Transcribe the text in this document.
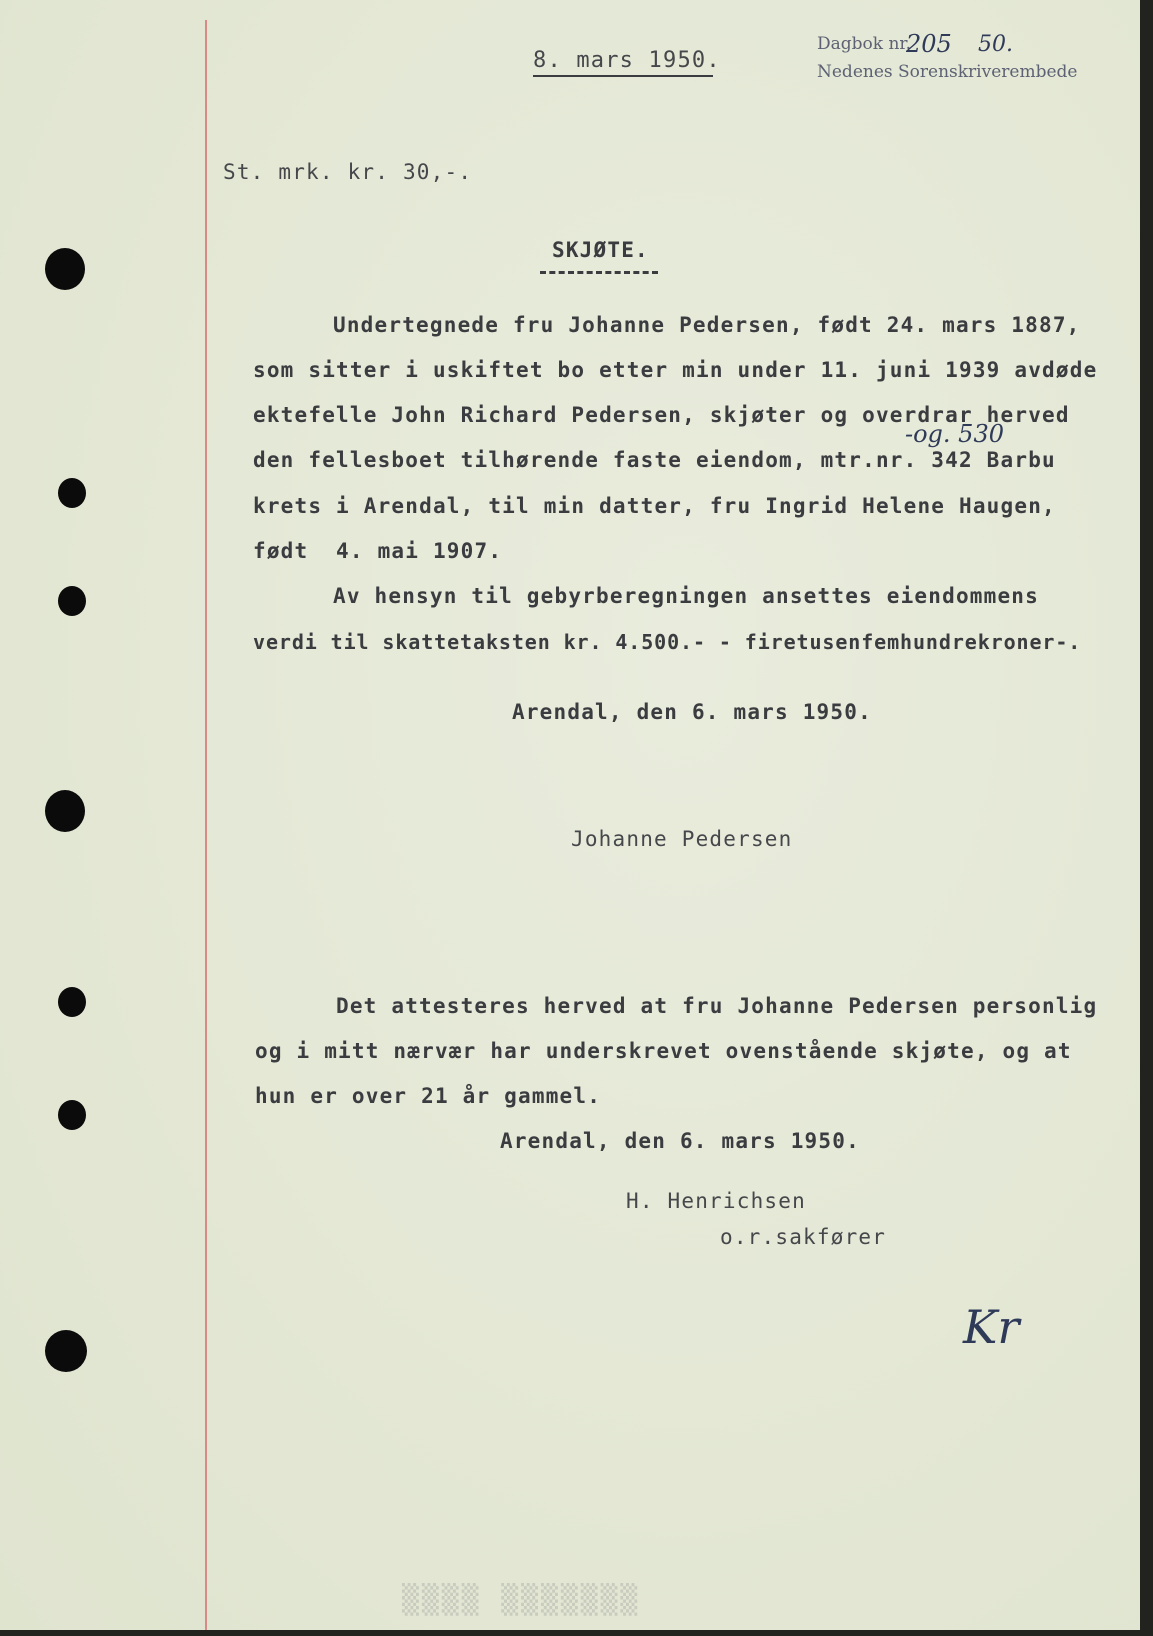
8. mars 1950.
Dagbok nr.
205 50.
Nedenes Sorenskriverembede
St. mrk. kr. 30,-.
SKJØTE.
Undertegnede fru Johanne Pedersen, født 24. mars 1887,
som sitter i uskiftet bo etter min under 11. juni 1939 avdøde
ektefelle John Richard Pedersen, skjøter og overdrar herved
-og. 530
den fellesboet tilhørende faste eiendom, mtr.nr. 342 Barbu
krets i Arendal, til min datter, fru Ingrid Helene Haugen,
født  4. mai 1907.
Av hensyn til gebyrberegningen ansettes eiendommens
verdi til skattetaksten kr. 4.500.- - firetusenfemhundrekroner-.
Arendal, den 6. mars 1950.
Johanne Pedersen
Det attesteres herved at fru Johanne Pedersen personlig
og i mitt nærvær har underskrevet ovenstående skjøte, og at
hun er over 21 år gammel.
Arendal, den 6. mars 1950.
H. Henrichsen
o.r.sakfører
Kr
▒▒▒▒ ▒▒▒▒▒▒▒
